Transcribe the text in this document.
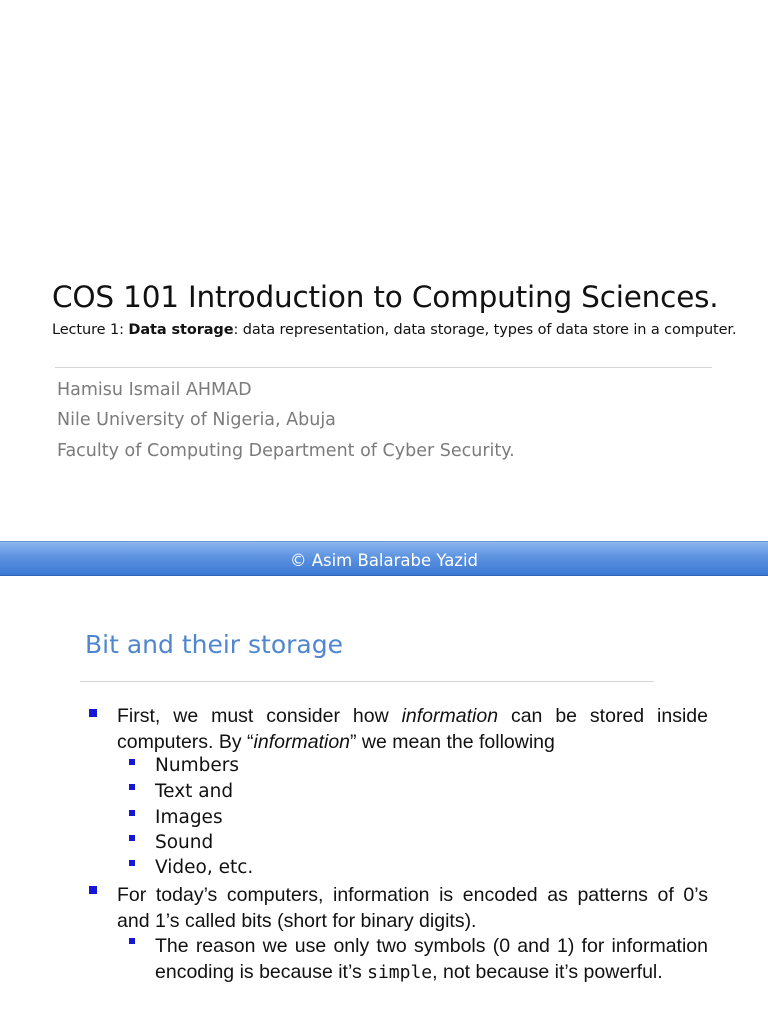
COS 101 Introduction to Computing Sciences.
Lecture 1: Data storage: data representation, data storage, types of data store in a computer.
Hamisu Ismail AHMAD
Nile University of Nigeria, Abuja
Faculty of Computing Department of Cyber Security.
© Asim Balarabe Yazid
Bit and their storage
First, we must consider how information can be stored inside computers. By “information” we mean the following
Numbers
Text and
Images
Sound
Video, etc.
For today’s computers, information is encoded as patterns of 0’s and 1’s called bits (short for binary digits).
The reason we use only two symbols (0 and 1) for information encoding is because it’s simple, not because it’s powerful.
